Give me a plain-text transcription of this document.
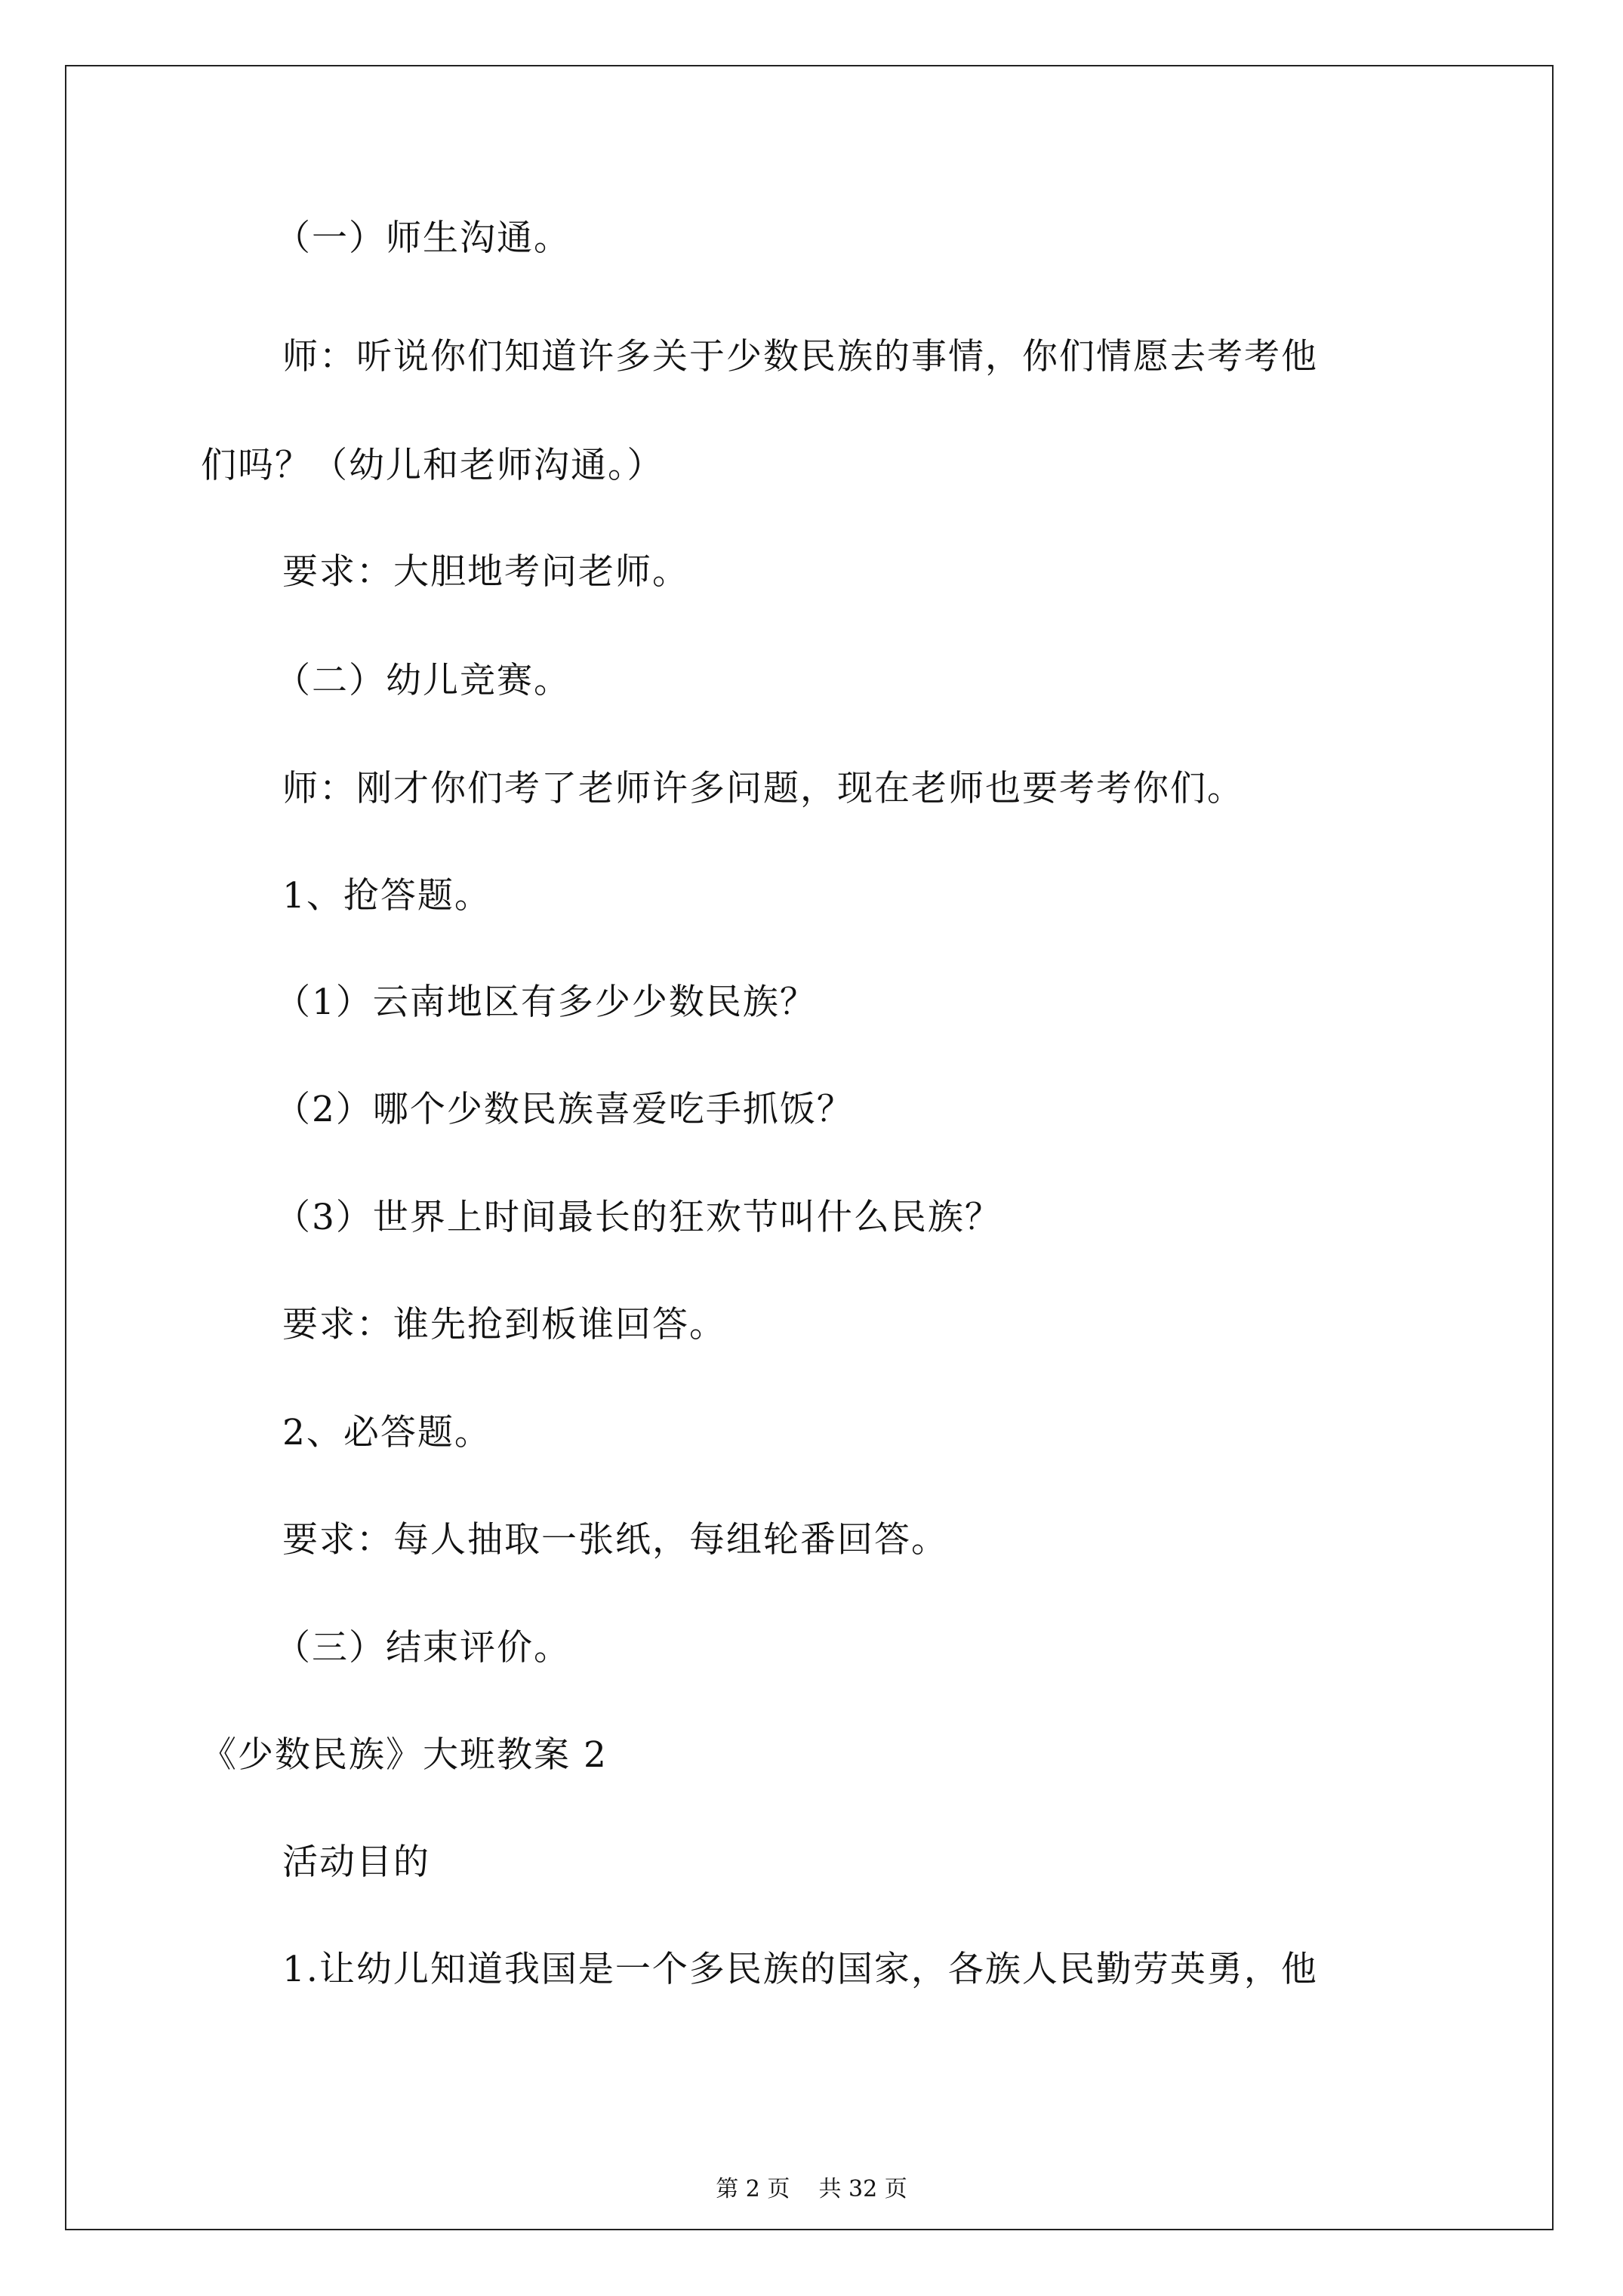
（一）师生沟通。
师：听说你们知道许多关于少数民族的事情，你们情愿去考考他
们吗？（幼儿和老师沟通。）
要求：大胆地考问老师。
（二）幼儿竞赛。
师：刚才你们考了老师许多问题，现在老师也要考考你们。
1、抢答题。
（1）云南地区有多少少数民族？
（2）哪个少数民族喜爱吃手抓饭？
（3）世界上时间最长的狂欢节叫什么民族？
要求：谁先抢到板谁回答。
2、必答题。
要求：每人抽取一张纸，每组轮番回答。
（三）结束评价。
《少数民族》大班教案 2
活动目的
1.让幼儿知道我国是一个多民族的国家，各族人民勤劳英勇，他
第 2 页    共 32 页
